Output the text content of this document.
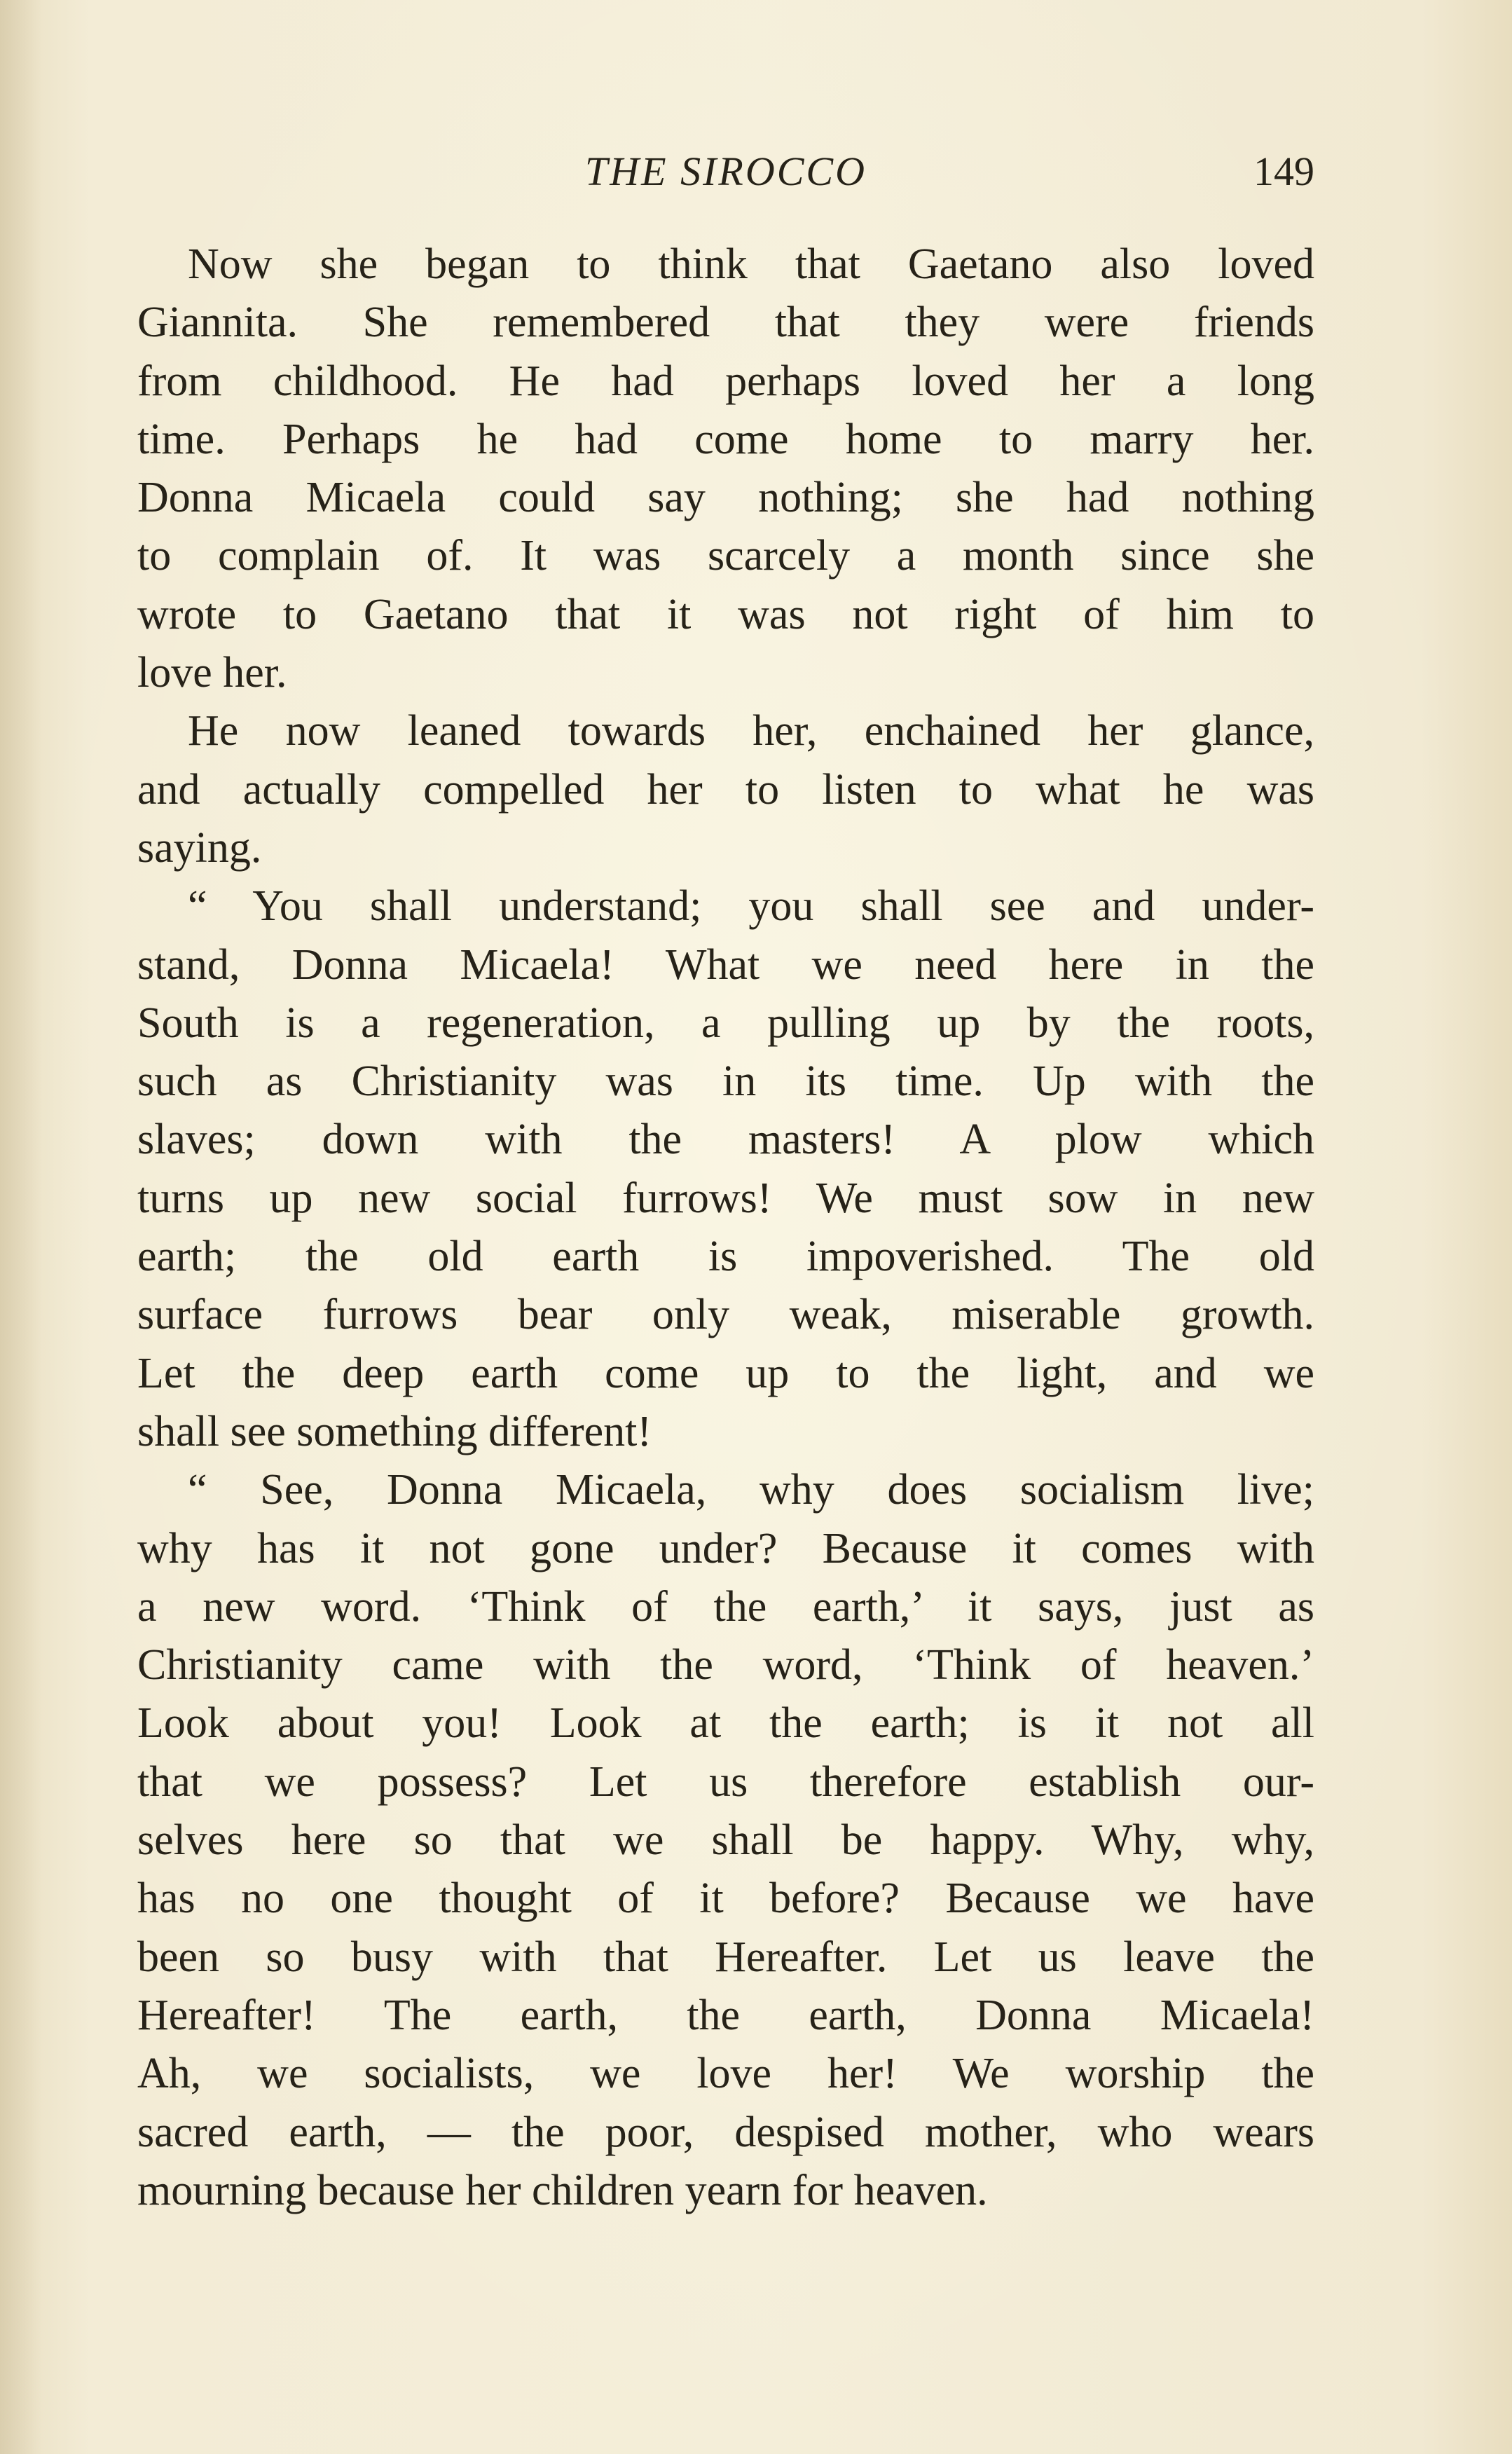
THE SIROCCO	149
Now she began to think that Gaetano also loved
Giannita. She remembered that they were friends
from childhood. He had perhaps loved her a long
time. Perhaps he had come home to marry her.
Donna Micaela could say nothing; she had nothing
to complain of. It was scarcely a month since she
wrote to Gaetano that it was not right of him to
love her.
He now leaned towards her, enchained her glance,
and actually compelled her to listen to what he was
saying.
“ You shall understand; you shall see and under-
stand, Donna Micaela! What we need here in the
South is a regeneration, a pulling up by the roots,
such as Christianity was in its time. Up with the
slaves; down with the masters! A plow which
turns up new social furrows! We must sow in new
earth; the old earth is impoverished. The old
surface furrows bear only weak, miserable growth.
Let the deep earth come up to the light, and we
shall see something different!
“ See, Donna Micaela, why does socialism live;
why has it not gone under? Because it comes with
a new word. ‘Think of the earth,’ it says, just as
Christianity came with the word, ‘Think of heaven.’
Look about you! Look at the earth; is it not all
that we possess? Let us therefore establish our-
selves here so that we shall be happy. Why, why,
has no one thought of it before? Because we have
been so busy with that Hereafter. Let us leave the
Hereafter! The earth, the earth, Donna Micaela!
Ah, we socialists, we love her! We worship the
sacred earth, — the poor, despised mother, who wears
mourning because her children yearn for heaven.
